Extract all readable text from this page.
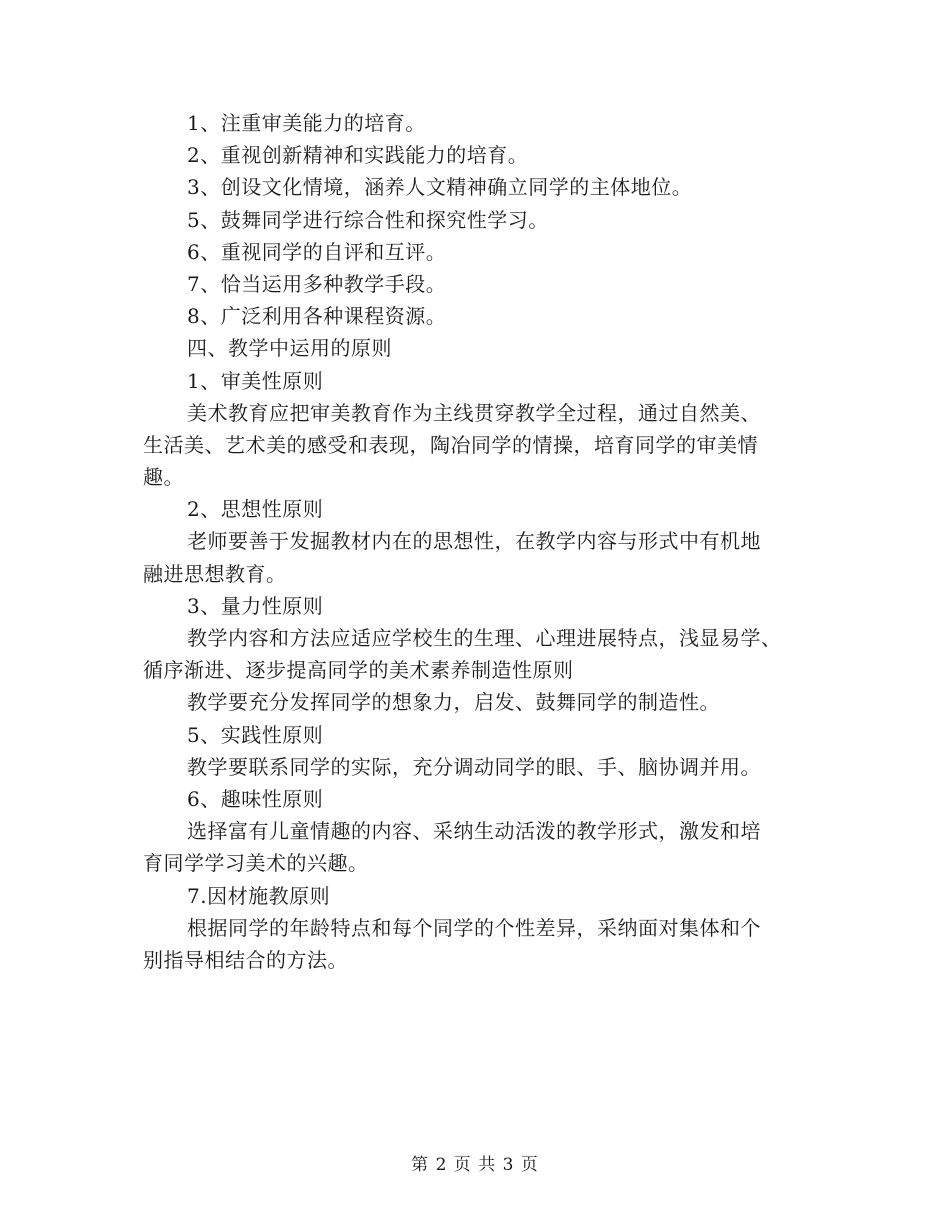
1、注重审美能力的培育。
2、重视创新精神和实践能力的培育。
3、创设文化情境，涵养人文精神确立同学的主体地位。
5、鼓舞同学进行综合性和探究性学习。
6、重视同学的自评和互评。
7、恰当运用多种教学手段。
8、广泛利用各种课程资源。
四、教学中运用的原则
1、审美性原则
美术教育应把审美教育作为主线贯穿教学全过程，通过自然美、
生活美、艺术美的感受和表现，陶冶同学的情操，培育同学的审美情
趣。
2、思想性原则
老师要善于发掘教材内在的思想性，在教学内容与形式中有机地
融进思想教育。
3、量力性原则
教学内容和方法应适应学校生的生理、心理进展特点，浅显易学、
循序渐进、逐步提高同学的美术素养制造性原则
教学要充分发挥同学的想象力，启发、鼓舞同学的制造性。
5、实践性原则
教学要联系同学的实际，充分调动同学的眼、手、脑协调并用。
6、趣味性原则
选择富有儿童情趣的内容、采纳生动活泼的教学形式，激发和培
育同学学习美术的兴趣。
7.因材施教原则
根据同学的年龄特点和每个同学的个性差异，采纳面对集体和个
别指导相结合的方法。
第 2 页 共 3 页
